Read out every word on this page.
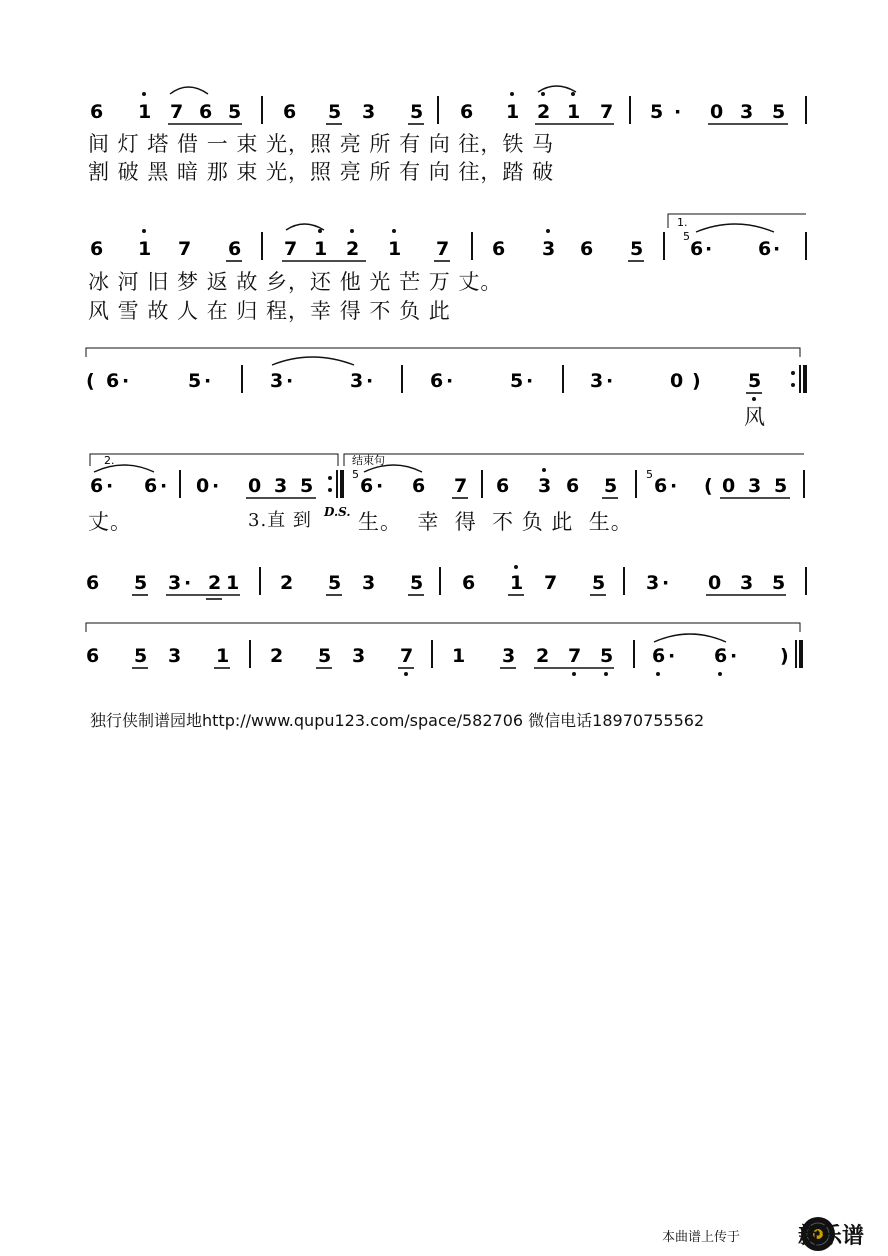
6 1 7 6 5 6 5 3 5 6 1 2 1 7 5 · 0 3 5
间 灯 塔 借 一 束 光，照 亮 所 有 向 往，铁 马
割 破 黑 暗 那 束 光，照 亮 所 有 向 往，踏 破
6 1 7 6 7 1 2 1 7 6 3 6 5 6 · 6 ·
1.
5
冰 河 旧 梦 返 故 乡，还 他 光 芒 万 丈。
风 雪 故 人 在 归 程，幸 得 不 负 此
( 6 ·	5 ·	3 ·	3 ·	6 ·	5 ·	3 ·	0 ) 5
风
2.	结束句
5	5
6 · 6 · 0 · 0 3 5 6 · 6 7 6 3 6 5 6 · ( 0 3 5
D.S.
丈。	3.直 到 生。  幸  得  不 负 此  生。
6 5 3 · 2 1 2 5 3 5 6 1 7 5 3 · 0 3 5
6 5 3 1 2 5 3 7 1 3 2 7 5 6 · 6 · )
独行侠制谱园地http://www.qupu123.com/space/582706 微信电话18970755562
本曲谱上传于	新乐谱
